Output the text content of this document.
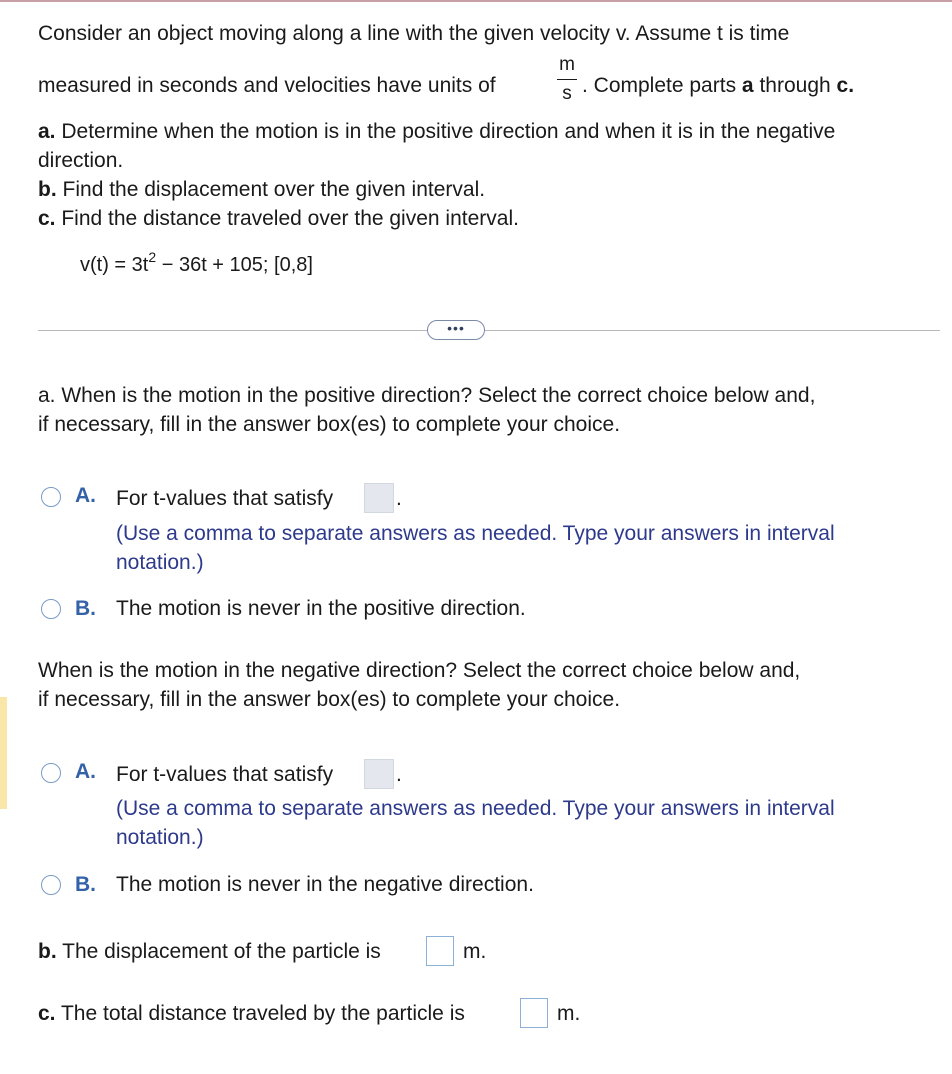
Consider an object moving along a line with the given velocity v. Assume t is time
measured in seconds and velocities have units of
m
s . Complete parts a through c.
a. Determine when the motion is in the positive direction and when it is in the negative
direction.
b. Find the displacement over the given interval.
c. Find the distance traveled over the given interval.
$v(t) = 3t^2 - 36t + 105$; [0,8]
•••
a. When is the motion in the positive direction? Select the correct choice below and,
if necessary, fill in the answer box(es) to complete your choice.
A. For t-values that satisfy	.
(Use a comma to separate answers as needed. Type your answers in interval notation.)
B. The motion is never in the positive direction.
When is the motion in the negative direction? Select the correct choice below and,
if necessary, fill in the answer box(es) to complete your choice.
A. For t-values that satisfy	.
(Use a comma to separate answers as needed. Type your answers in interval notation.)
B. The motion is never in the negative direction.
b. The displacement of the particle is	m.
c. The total distance traveled by the particle is	m.
